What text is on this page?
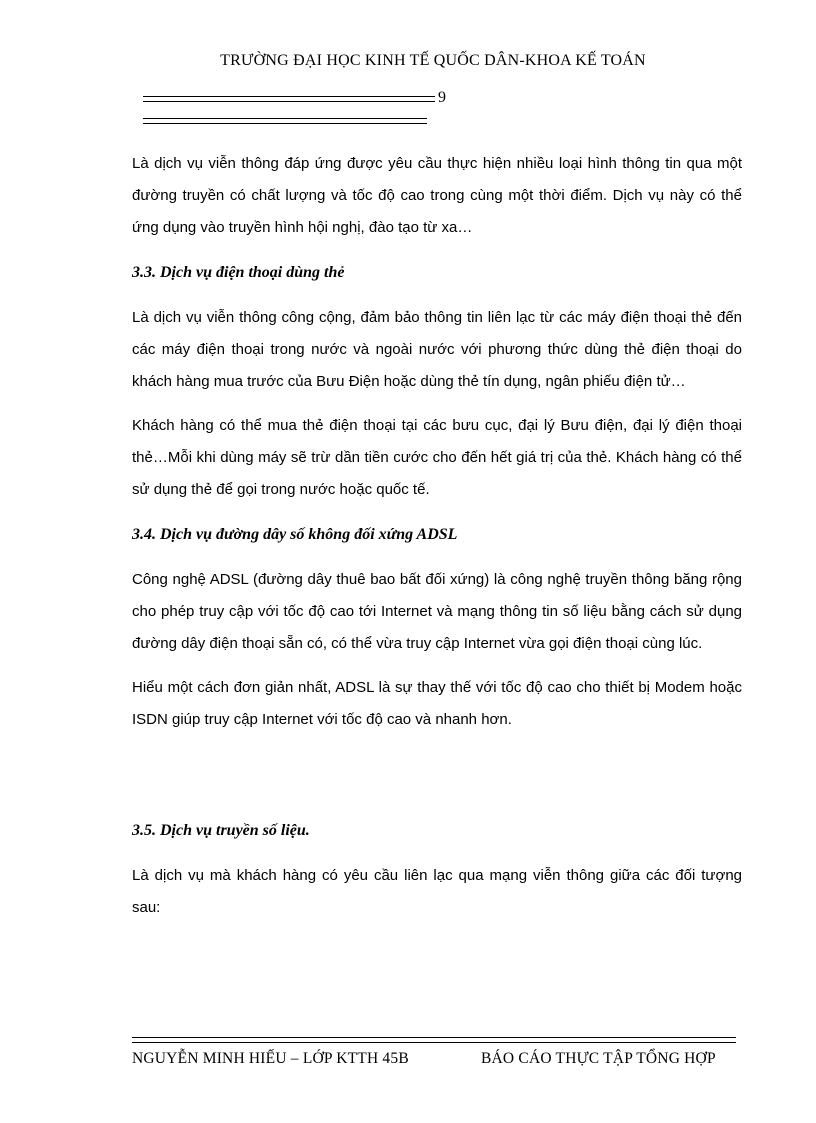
TRƯỜNG ĐẠI HỌC KINH TẾ QUỐC DÂN-KHOA KẾ TOÁN
9

Là dịch vụ viễn thông đáp ứng được yêu cầu thực hiện nhiều loại hình thông tin qua một đường truyền có chất lượng và tốc độ cao trong cùng một thời điểm. Dịch vụ này có thể ứng dụng vào truyền hình hội nghị, đào tạo từ xa…

3.3. Dịch vụ điện thoại dùng thẻ

Là dịch vụ viễn thông công cộng, đảm bảo thông tin liên lạc từ các máy điện thoại thẻ đến các máy điện thoại trong nước và ngoài nước với phương thức dùng thẻ điện thoại do khách hàng mua trước của Bưu Điện hoặc dùng thẻ tín dụng, ngân phiếu điện tử…

Khách hàng có thể mua thẻ điện thoại tại các bưu cục, đại lý Bưu điện, đại lý điện thoại thẻ…Mỗi khi dùng máy sẽ trừ dần tiền cước cho đến hết giá trị của thẻ. Khách hàng có thể sử dụng thẻ để gọi trong nước hoặc quốc tế.

3.4. Dịch vụ đường dây số không đối xứng ADSL

Công nghệ ADSL (đường dây thuê bao bất đối xứng) là công nghệ truyền thông băng rộng cho phép truy cập với tốc độ cao tới Internet và mạng thông tin số liệu bằng cách sử dụng đường dây điện thoại sẵn có, có thể vừa truy cập Internet vừa gọi điện thoại cùng lúc.

Hiểu một cách đơn giản nhất, ADSL là sự thay thế với tốc độ cao cho thiết bị Modem hoặc ISDN giúp truy cập Internet với tốc độ cao và nhanh hơn.

3.5. Dịch vụ truyền số liệu.

Là dịch vụ mà khách hàng có yêu cầu liên lạc qua mạng viễn thông giữa các đối tượng sau:

NGUYỄN MINH HIẾU – LỚP KTTH 45B	BÁO CÁO THỰC TẬP TỔNG HỢP
